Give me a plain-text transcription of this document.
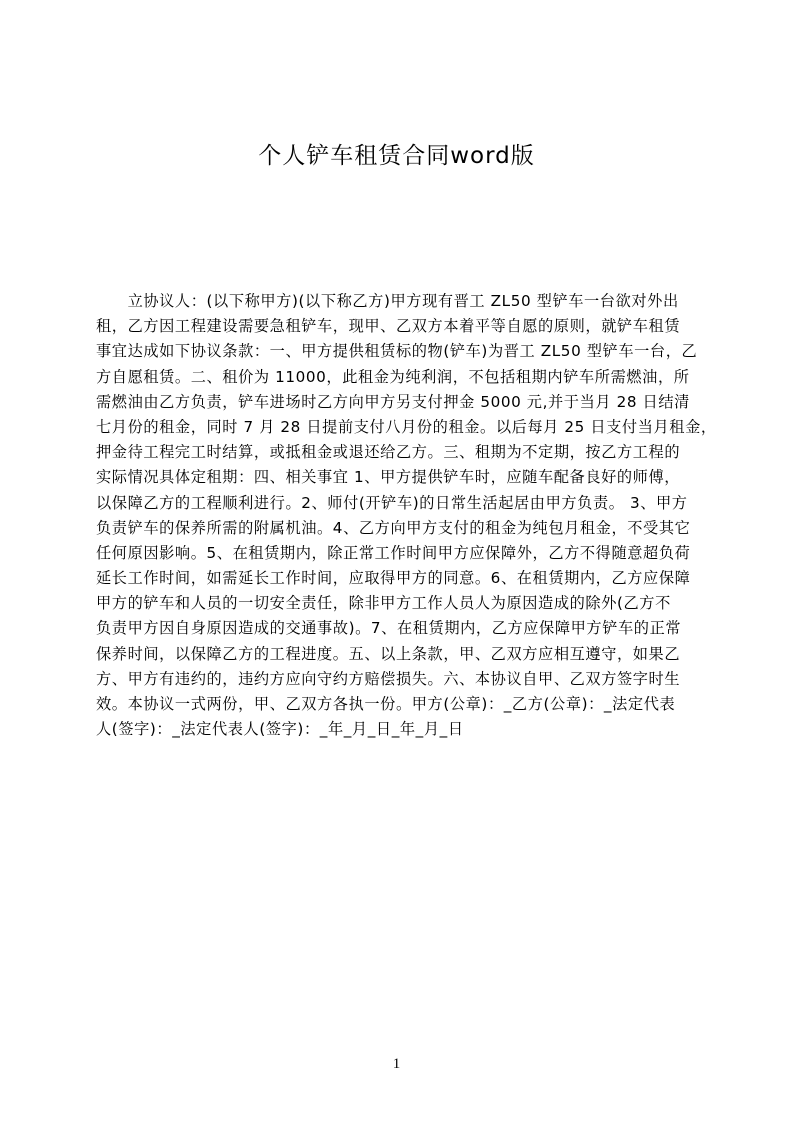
个人铲车租赁合同word版
　　立协议人：(以下称甲方)(以下称乙方)甲方现有晋工 ZL50 型铲车一台欲对外出
租，乙方因工程建设需要急租铲车，现甲、乙双方本着平等自愿的原则，就铲车租赁
事宜达成如下协议条款：一、甲方提供租赁标的物(铲车)为晋工 ZL50 型铲车一台，乙
方自愿租赁。二、租价为 11000，此租金为纯利润，不包括租期内铲车所需燃油，所
需燃油由乙方负责，铲车进场时乙方向甲方另支付押金 5000 元,并于当月 28 日结清
七月份的租金，同时 7 月 28 日提前支付八月份的租金。以后每月 25 日支付当月租金，
押金待工程完工时结算，或抵租金或退还给乙方。三、租期为不定期，按乙方工程的
实际情况具体定租期：四、相关事宜 1、甲方提供铲车时，应随车配备良好的师傅，
以保障乙方的工程顺利进行。2、师付(开铲车)的日常生活起居由甲方负责。 3、甲方
负责铲车的保养所需的附属机油。4、乙方向甲方支付的租金为纯包月租金，不受其它
任何原因影响。5、在租赁期内，除正常工作时间甲方应保障外，乙方不得随意超负荷
延长工作时间，如需延长工作时间，应取得甲方的同意。6、在租赁期内，乙方应保障
甲方的铲车和人员的一切安全责任，除非甲方工作人员人为原因造成的除外(乙方不
负责甲方因自身原因造成的交通事故)。7、在租赁期内，乙方应保障甲方铲车的正常
保养时间，以保障乙方的工程进度。五、以上条款，甲、乙双方应相互遵守，如果乙
方、甲方有违约的，违约方应向守约方赔偿损失。六、本协议自甲、乙双方签字时生
效。本协议一式两份，甲、乙双方各执一份。甲方(公章)：_乙方(公章)：_法定代表
人(签字)：_法定代表人(签字)：_年_月_日_年_月_日
1
